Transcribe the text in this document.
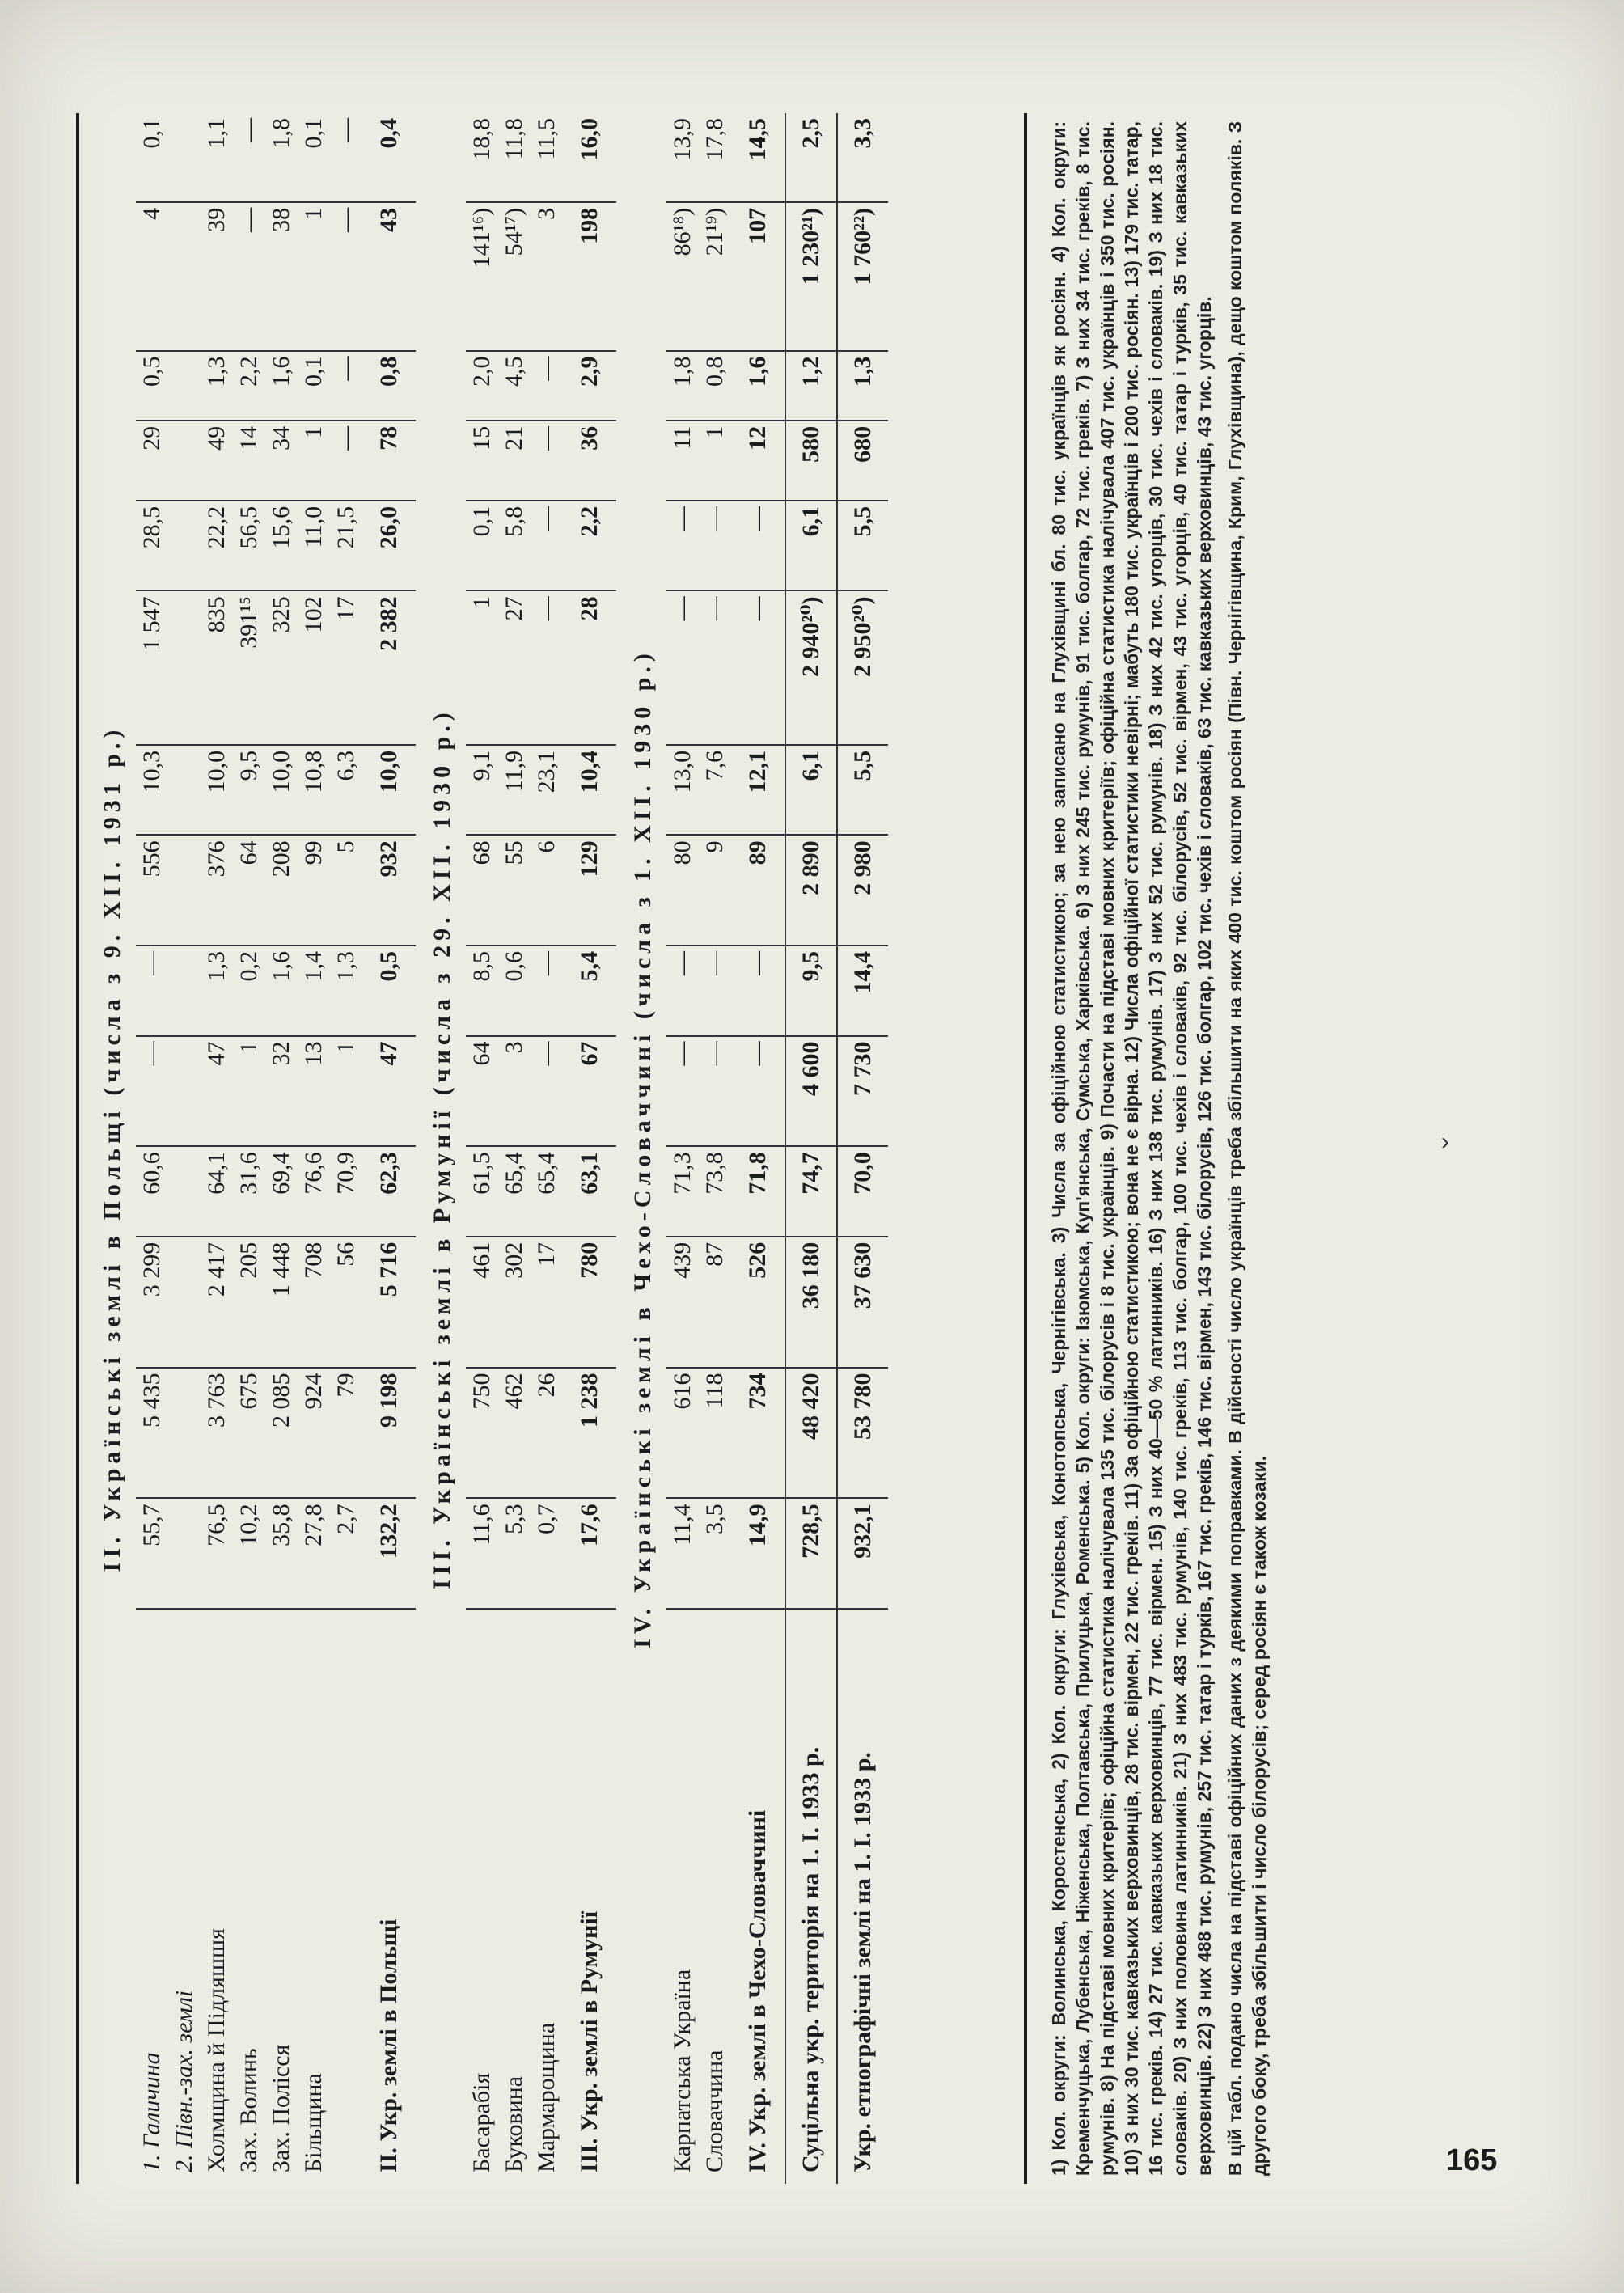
II. Українські землі в Польщі (числа з 9. XII. 1931 р.)														
1. Галичина	55,7	5 435	3 299	60,6	—	—	556	10,3	1 547	28,5	29	0,5	4	0,1
2. Півн.-зах. землі														
Холмщина й Підляшшя	76,5	3 763	2 417	64,1	47	1,3	376	10,0	835	22,2	49	1,3	39	1,1
Зах. Волинь	10,2	675	205	31,6	1	0,2	64	9,5	391¹⁵	56,5	14	2,2	—	—
Зах. Полісся	35,8	2 085	1 448	69,4	32	1,6	208	10,0	325	15,6	34	1,6	38	1,8
Більщина	27,8	924	708	76,6	13	1,4	99	10,8	102	11,0	1	0,1	1	0,1
	2,7	79	56	70,9	1	1,3	5	6,3	17	21,5	—	—	—	—
II. Укр. землі в Польщі	132,2	9 198	5 716	62,3	47	0,5	932	10,0	2 382	26,0	78	0,8	43	0,4
III. Українські землі в Румунії (числа з 29. XII. 1930 р.)														
Басарабія	11,6	750	461	61,5	64	8,5	68	9,1	1	0,1	15	2,0	141¹⁶)	18,8
Буковина	5,3	462	302	65,4	3	0,6	55	11,9	27	5,8	21	4,5	54¹⁷)	11,8
Мармарощина	0,7	26	17	65,4	—	—	6	23,1	—	—	—	—	3	11,5
III. Укр. землі в Румунії	17,6	1 238	780	63,1	67	5,4	129	10,4	28	2,2	36	2,9	198	16,0
IV. Українські землі в Чехо-Словаччині (числа з 1. XII. 1930 р.)														
Карпатська Україна	11,4	616	439	71,3	—	—	80	13,0	—	—	11	1,8	86¹⁸)	13,9
Словаччина	3,5	118	87	73,8	—	—	9	7,6	—	—	1	0,8	21¹⁹)	17,8
IV. Укр. землі в Чехо-Словаччині	14,9	734	526	71,8	—	—	89	12,1	—	—	12	1,6	107	14,5
Суцільна укр. територія на 1. I. 1933 р.	728,5	48 420	36 180	74,7	4 600	9,5	2 890	6,1	2 940²⁰)	6,1	580	1,2	1 230²¹)	2,5
Укр. етнографічні землі на 1. I. 1933 р.	932,1	53 780	37 630	70,0	7 730	14,4	2 980	5,5	2 950²⁰)	5,5	680	1,3	1 760²²)	3,3	1) Кол. округи: Волинська, Коростенська, 2) Кол. округи: Глухівська, Конотопська, Чернігівська. 3) Числа за офіційною статистикою; за нею записано на Глухівщині бл. 80 тис. українців як росіян. 4) Кол. округи: Кременчуцька, Лубенська, Ніженська, Полтавська, Прилуцька, Роменська. 5) Кол. округи: Ізюмська, Куп'янська, Сумська, Харківська. 6) З них 245 тис. румунів, 91 тис. болгар, 72 тис. греків. 7) З них 34 тис. греків, 8 тис. румунів. 8) На підставі мовних критеріїв; офіційна статистика налічувала 135 тис. білорусів і 8 тис. українців. 9) Почасти на підставі мовних критеріїв; офіційна статистика налічувала 407 тис. українців і 350 тис. росіян. 10) З них 30 тис. кавказьких верховинців, 28 тис. вірмен, 22 тис. греків. 11) За офіційною статистикою; вона не є вірна. 12) Числа офіційної статистики невірні; мабуть 180 тис. українців і 200 тис. росіян. 13) 179 тис. татар, 16 тис. греків. 14) 27 тис. кавказьких верховинців, 77 тис. вірмен. 15) З них 40—50 % латинників. 16) З них 138 тис. румунів. 17) З них 52 тис. румунів. 18) З них 42 тис. угорців, 30 тис. чехів і словаків. 19) З них 18 тис. словаків. 20) З них половина латинників. 21) З них 483 тис. румунів, 140 тис. греків, 113 тис. болгар, 100 тис. чехів і словаків, 92 тис. білорусів, 52 тис. вірмен, 43 тис. угорців, 40 тис. татар і турків, 35 тис. кавказьких верховинців. 22) З них 488 тис. румунів, 257 тис. татар і турків, 167 тис. греків, 146 тис. вірмен, 143 тис. білорусів, 126 тис. болгар, 102 тис. чехів і словаків, 63 тис. кавказьких верховинців, 43 тис. угорців. В цій табл. подано числа на підставі офіційних даних з деякими поправками. В дійсності число українців треба збільшити на яких 400 тис. коштом росіян (Півн. Чернігівщина, Крим, Глухівщина), дещо коштом поляків. З другого боку, треба збільшити і число білорусів; серед росіян є також козаки.

›
165
